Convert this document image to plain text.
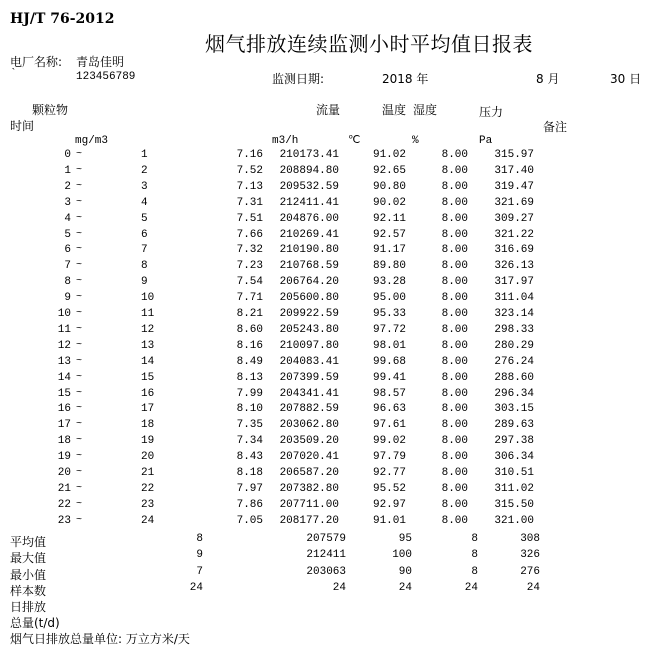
HJ/T 76-2012
烟气排放连续监测小时平均值日报表
电厂名称: 青岛佳明
`	123456789	监测日期:	2018 年	8 月	30 日
颗粒物
时间
流量	温度 湿度	压力
备注
mg/m3	m3/h	℃	%	Pa
0 ~	1	7.16 210173.41	91.02	8.00 315.97
1 ~	2	7.52 208894.80	92.65	8.00 317.40
2 ~	3	7.13 209532.59	90.80	8.00 319.47
3 ~	4	7.31 212411.41	90.02	8.00 321.69
4 ~	5	7.51 204876.00	92.11	8.00 309.27
5 ~	6	7.66 210269.41	92.57	8.00 321.22
6 ~	7	7.32 210190.80	91.17	8.00 316.69
7 ~	8	7.23 210768.59	89.80	8.00 326.13
8 ~	9	7.54 206764.20	93.28	8.00 317.97
9 ~	10	7.71 205600.80	95.00	8.00 311.04
10 ~	11	8.21 209922.59	95.33	8.00 323.14
11 ~	12	8.60 205243.80	97.72	8.00 298.33
12 ~	13	8.16 210097.80	98.01	8.00 280.29
13 ~	14	8.49 204083.41	99.68	8.00 276.24
14 ~	15	8.13 207399.59	99.41	8.00 288.60
15 ~	16	7.99 204341.41	98.57	8.00 296.34
16 ~	17	8.10 207882.59	96.63	8.00 303.15
17 ~	18	7.35 203062.80	97.61	8.00 289.63
18 ~	19	7.34 203509.20	99.02	8.00 297.38
19 ~	20	8.43 207020.41	97.79	8.00 306.34
20 ~	21	8.18 206587.20	92.77	8.00 310.51
21 ~	22	7.97 207382.80	95.52	8.00 311.02
22 ~	23	7.86 207711.00	92.97	8.00 315.50
23 ~	24	7.05 208177.20	91.01	8.00 321.00
平均值	8	207579	95	8	308
最大值	9	212411	100	8	326
最小值	7	203063	90	8	276
样本数	24	24	24	24	24
日排放
总量(t/d)
烟气日排放总量单位: 万立方米/天
